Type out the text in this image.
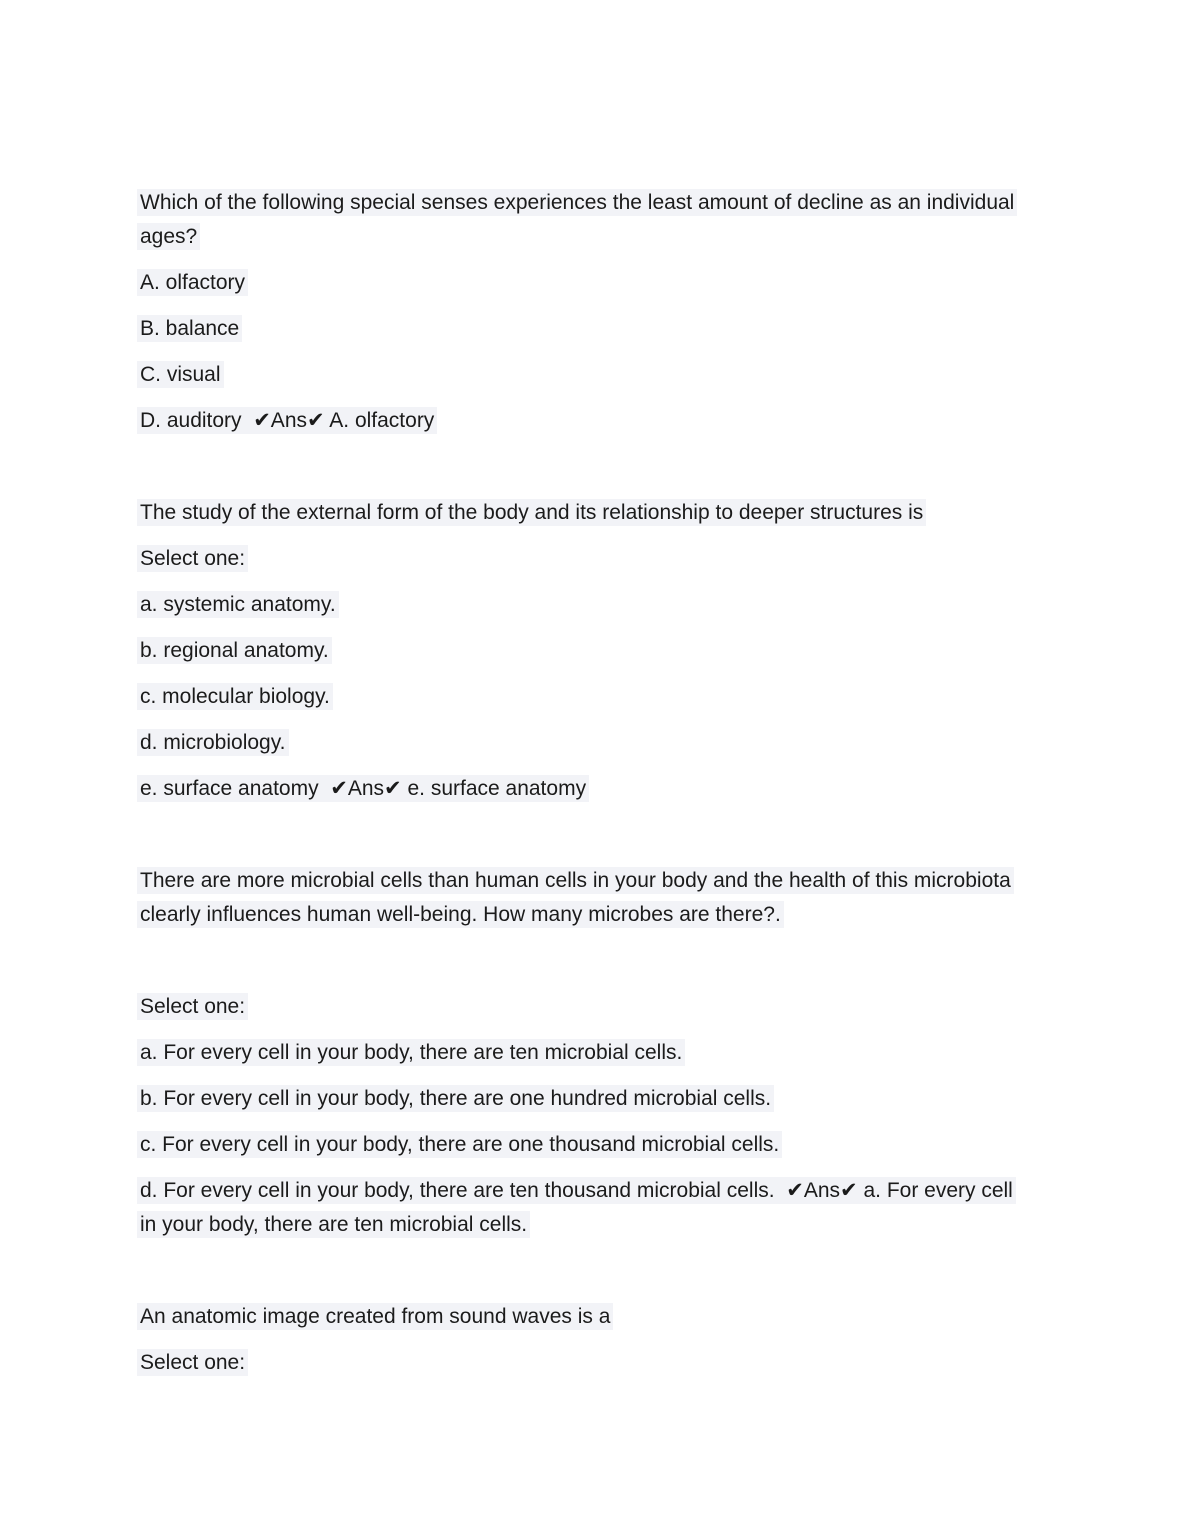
Which of the following special senses experiences the least amount of decline as an individual
ages?
A. olfactory
B. balance
C. visual
D. auditory  ✔Ans✔ A. olfactory
The study of the external form of the body and its relationship to deeper structures is
Select one:
a. systemic anatomy.
b. regional anatomy.
c. molecular biology.
d. microbiology.
e. surface anatomy  ✔Ans✔ e. surface anatomy
There are more microbial cells than human cells in your body and the health of this microbiota
clearly influences human well-being. How many microbes are there?.
Select one:
a. For every cell in your body, there are ten microbial cells.
b. For every cell in your body, there are one hundred microbial cells.
c. For every cell in your body, there are one thousand microbial cells.
d. For every cell in your body, there are ten thousand microbial cells.  ✔Ans✔ a. For every cell
in your body, there are ten microbial cells.
An anatomic image created from sound waves is a
Select one:
